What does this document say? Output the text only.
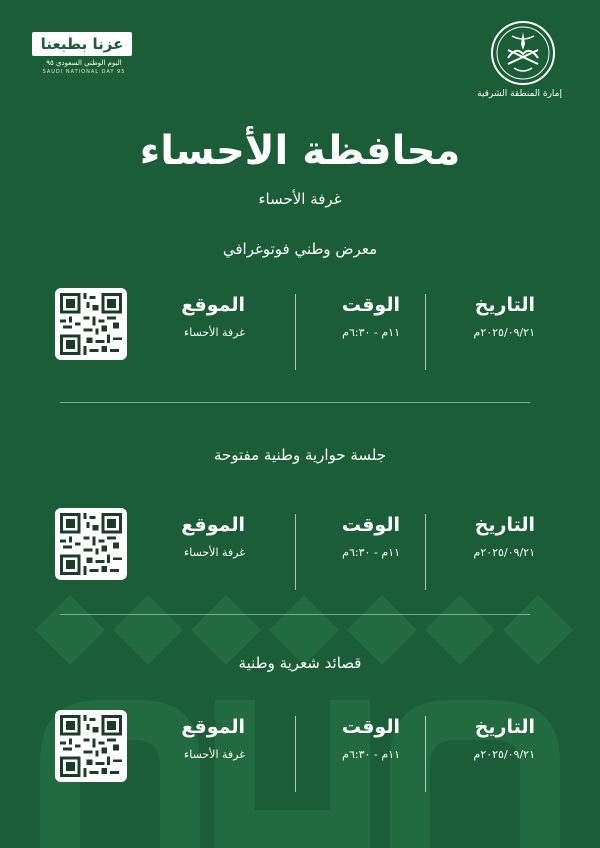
عزنا بطبعنا
اليوم الوطني السعودي ٩٥
SAUDI NATIONAL DAY 95
إمارة المنطقة الشرقية
محافظة الأحساء
غرفة الأحساء
معرض وطني فوتوغرافي
الموقع
غرفة الأحساء
الوقت
١١م - ٦:٣٠م
التاريخ
٢٠٢٥/٠٩/٢١م
جلسة حوارية وطنية مفتوحة
الموقع
غرفة الأحساء
الوقت
١١م - ٦:٣٠م
التاريخ
٢٠٢٥/٠٩/٢١م
قصائد شعرية وطنية
الموقع
غرفة الأحساء
الوقت
١١م - ٦:٣٠م
التاريخ
٢٠٢٥/٠٩/٢١م
